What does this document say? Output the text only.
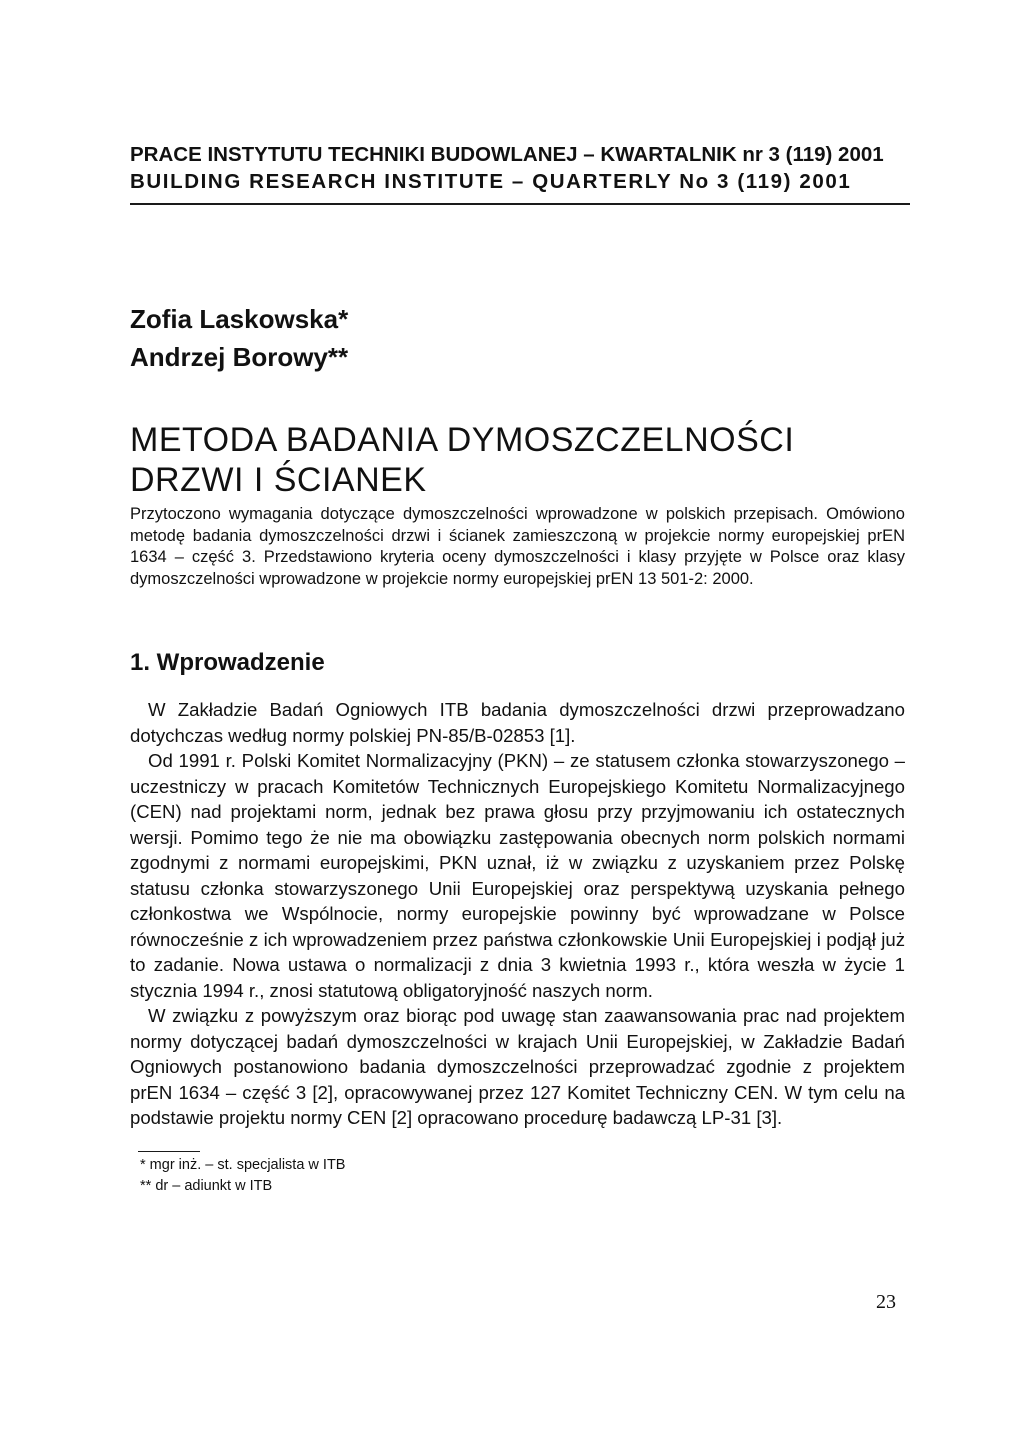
PRACE INSTYTUTU TECHNIKI BUDOWLANEJ – KWARTALNIK nr 3 (119) 2001
BUILDING RESEARCH INSTITUTE – QUARTERLY No 3 (119) 2001
Zofia Laskowska*
Andrzej Borowy**
METODA BADANIA DYMOSZCZELNOŚCI
DRZWI I ŚCIANEK

Przytoczono wymagania dotyczące dymoszczelności wprowadzone w polskich przepisach. Omówiono metodę badania dymoszczelności drzwi i ścianek zamieszczoną w projekcie normy europejskiej prEN 1634 – część 3. Przedstawiono kryteria oceny dymoszczelności i klasy przyjęte w Polsce oraz klasy dymoszczelności wprowadzone w projekcie normy europejskiej prEN 13 501-2: 2000.

1. Wprowadzenie

W Zakładzie Badań Ogniowych ITB badania dymoszczelności drzwi przeprowadzano dotychczas według normy polskiej PN-85/B-02853 [1].

Od 1991 r. Polski Komitet Normalizacyjny (PKN) – ze statusem członka stowarzyszonego – uczestniczy w pracach Komitetów Technicznych Europejskiego Komitetu Normalizacyjnego (CEN) nad projektami norm, jednak bez prawa głosu przy przyjmowaniu ich ostatecznych wersji. Pomimo tego że nie ma obowiązku zastępowania obecnych norm polskich normami zgodnymi z normami europejskimi, PKN uznał, iż w związku z uzyskaniem przez Polskę statusu członka stowarzyszonego Unii Europejskiej oraz perspektywą uzyskania pełnego członkostwa we Wspólnocie, normy europejskie powinny być wprowadzane w Polsce równocześnie z ich wprowadzeniem przez państwa członkowskie Unii Europejskiej i podjął już to zadanie. Nowa ustawa o normalizacji z dnia 3 kwietnia 1993 r., która weszła w życie 1 stycznia 1994 r., znosi statutową obligatoryjność naszych norm.

W związku z powyższym oraz biorąc pod uwagę stan zaawansowania prac nad projektem normy dotyczącej badań dymoszczelności w krajach Unii Europejskiej, w Zakładzie Badań Ogniowych postanowiono badania dymoszczelności przeprowadzać zgodnie z projektem prEN 1634 – część 3 [2], opracowywanej przez 127 Komitet Techniczny CEN. W tym celu na podstawie projektu normy CEN [2] opracowano procedurę badawczą LP-31 [3].

* mgr inż. – st. specjalista w ITB
** dr – adiunkt w ITB
23
